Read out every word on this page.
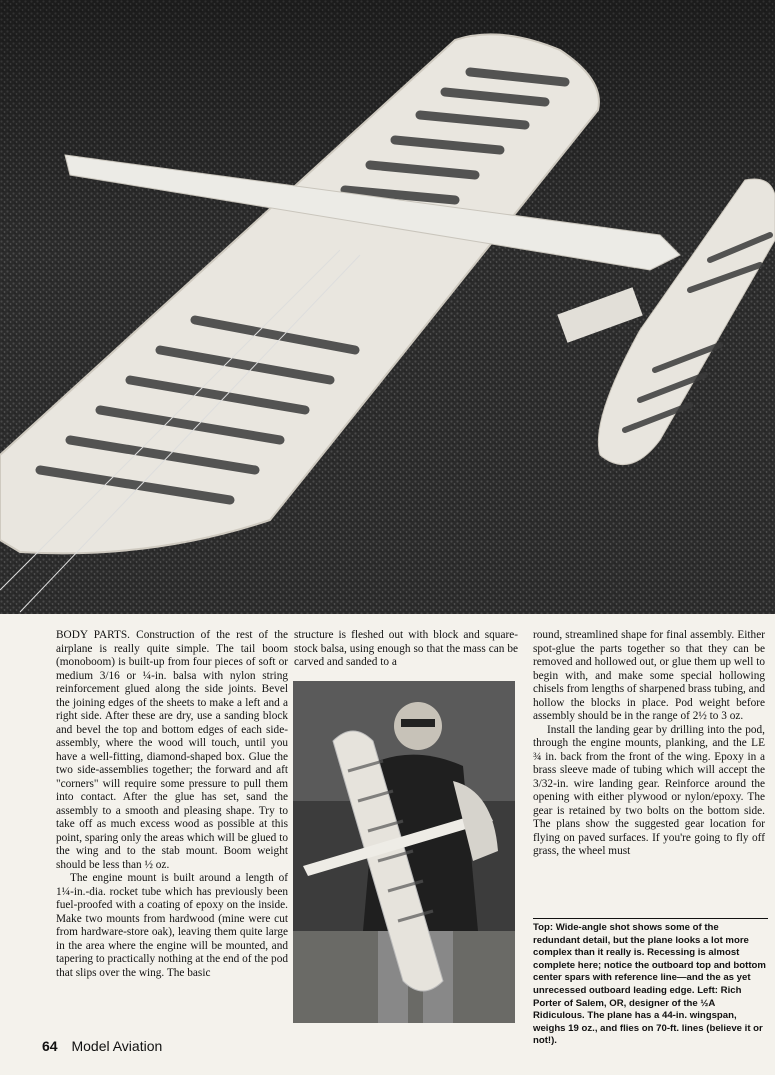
BODY PARTS. Construction of the rest of the airplane is really quite simple. The tail boom (monoboom) is built-up from four pieces of soft or medium 3/16 or ¼-in. balsa with nylon string reinforcement glued along the side joints. Bevel the joining edges of the sheets to make a left and a right side. After these are dry, use a sanding block and bevel the top and bottom edges of each side-assembly, where the wood will touch, until you have a well-fitting, diamond-shaped box. Glue the two side-assemblies together; the forward and aft "corners" will require some pressure to pull them into contact. After the glue has set, sand the assembly to a smooth and pleasing shape. Try to take off as much excess wood as possible at this point, sparing only the areas which will be glued to the wing and to the stab mount. Boom weight should be less than ½ oz.

The engine mount is built around a length of 1¼-in.-dia. rocket tube which has previously been fuel-proofed with a coating of epoxy on the inside. Make two mounts from hardwood (mine were cut from hardware-store oak), leaving them quite large in the area where the engine will be mounted, and tapering to practically nothing at the end of the pod that slips over the wing. The basic

structure is fleshed out with block and square-stock balsa, using enough so that the mass can be carved and sanded to a

round, streamlined shape for final assembly. Either spot-glue the parts together so that they can be removed and hollowed out, or glue them up well to begin with, and make some special hollowing chisels from lengths of sharpened brass tubing, and hollow the blocks in place. Pod weight before assembly should be in the range of 2½ to 3 oz.

Install the landing gear by drilling into the pod, through the engine mounts, planking, and the LE ¾ in. back from the front of the wing. Epoxy in a brass sleeve made of tubing which will accept the 3/32-in. wire landing gear. Reinforce around the opening with either plywood or nylon/epoxy. The gear is retained by two bolts on the bottom side. The plans show the suggested gear location for flying on paved surfaces. If you're going to fly off grass, the wheel must

Top: Wide-angle shot shows some of the redundant detail, but the plane looks a lot more complex than it really is. Recessing is almost complete here; notice the outboard top and bottom center spars with reference line—and the as yet unrecessed outboard leading edge. Left: Rich Porter of Salem, OR, designer of the ½A Ridiculous. The plane has a 44-in. wingspan, weighs 19 oz., and flies on 70-ft. lines (believe it or not!).
64 Model Aviation
